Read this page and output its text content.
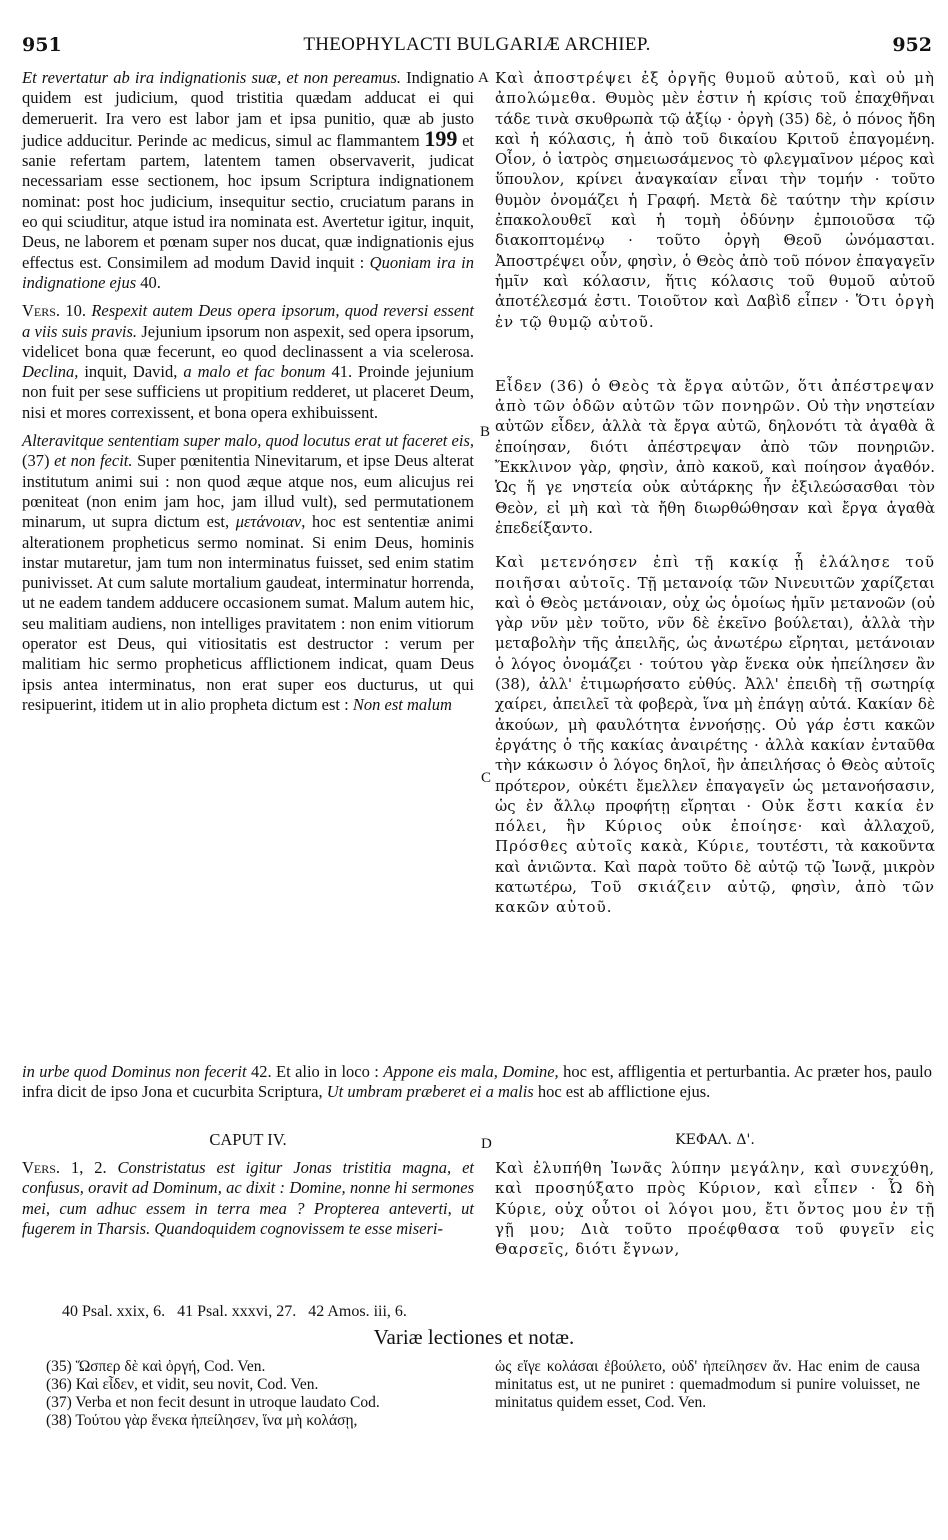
951	THEOPHYLACTI BULGARIÆ ARCHIEP.	952
A
B
C
D

Et revertatur ab ira indignationis suæ, et non pereamus. Indignatio quidem est judicium, quod tristitia quædam adducat ei qui demeruerit. Ira vero est labor jam et ipsa punitio, quæ ab justo judice adducitur. Perinde ac medicus, simul ac flammantem 199 et sanie refertam partem, latentem tamen observaverit, judicat necessariam esse sectionem, hoc ipsum Scriptura indignationem nominat: post hoc judicium, insequitur sectio, cruciatum parans in eo qui sciuditur, atque istud ira nominata est. Avertetur igitur, inquit, Deus, ne laborem et pœnam super nos ducat, quæ indignationis ejus effectus est. Consimilem ad modum David inquit : Quoniam ira in indignatione ejus 40.

Vers. 10. Respexit autem Deus opera ipsorum, quod reversi essent a viis suis pravis. Jejunium ipsorum non aspexit, sed opera ipsorum, videlicet bona quæ fecerunt, eo quod declinassent a via scelerosa. Declina, inquit, David, a malo et fac bonum 41. Proinde jejunium non fuit per sese sufficiens ut propitium redderet, ut placeret Deum, nisi et mores correxissent, et bona opera exhibuissent.

Alteravitque sententiam super malo, quod locutus erat ut faceret eis, (37) et non fecit. Super pœnitentia Ninevitarum, et ipse Deus alterat institutum animi sui : non quod æque atque nos, eum alicujus rei pœniteat (non enim jam hoc, jam illud vult), sed permutationem minarum, ut supra dictum est, μετάνοιαν, hoc est sententiæ animi alterationem propheticus sermo nominat. Si enim Deus, hominis instar mutaretur, jam tum non interminatus fuisset, sed enim statim punivisset. At cum salute mortalium gaudeat, interminatur horrenda, ut ne eadem tandem adducere occasionem sumat. Malum autem hic, seu malitiam audiens, non intelliges pravitatem : non enim vitiorum operator est Deus, qui vitiositatis est destructor : verum per malitiam hic sermo propheticus afflictionem indicat, quam Deus ipsis antea interminatus, non erat super eos ducturus, ut qui resipuerint, itidem ut in alio propheta dictum est : Non est malum

Καὶ ἀποστρέψει ἐξ ὀργῆς θυμοῦ αὐτοῦ, καὶ οὐ μὴ ἀπολώμεθα. Θυμὸς μὲν ἐστιν ἡ κρίσις τοῦ ἐπαχθῆναι τάδε τινὰ σκυθρωπὰ τῷ ἀξίῳ · ὀργὴ (35) δὲ, ὁ πόνος ἤδη καὶ ἡ κόλασις, ἡ ἀπὸ τοῦ δικαίου Κριτοῦ ἐπαγομένη. Οἷον, ὁ ἰατρὸς σημειωσάμενος τὸ φλεγμαῖνον μέρος καὶ ὕπουλον, κρίνει ἀναγκαίαν εἶναι τὴν τομήν · τοῦτο θυμὸν ὀνομάζει ἡ Γραφή. Μετὰ δὲ ταύτην τὴν κρίσιν ἐπακολουθεῖ καὶ ἡ τομὴ ὀδύνην ἐμποιοῦσα τῷ διακοπτομένῳ · τοῦτο ὀργὴ Θεοῦ ὠνόμασται. Ἀποστρέψει οὖν, φησὶν, ὁ Θεὸς ἀπὸ τοῦ πόνον ἐπαγαγεῖν ἡμῖν καὶ κόλασιν, ἥτις κόλασις τοῦ θυμοῦ αὐτοῦ ἀποτέλεσμά ἐστι. Τοιοῦτον καὶ Δαβὶδ εἶπεν · Ὅτι ὀργὴ ἐν τῷ θυμῷ αὐτοῦ.

Εἶδεν (36) ὁ Θεὸς τὰ ἔργα αὐτῶν, ὅτι ἀπέστρεψαν ἀπὸ τῶν ὁδῶν αὐτῶν τῶν πονηρῶν. Οὐ τὴν νηστείαν αὐτῶν εἶδεν, ἀλλὰ τὰ ἔργα αὐτῶ, δηλονότι τὰ ἀγαθὰ ἃ ἐποίησαν, διότι ἀπέστρεψαν ἀπὸ τῶν πονηριῶν. Ἔκκλινον γὰρ, φησὶν, ἀπὸ κακοῦ, καὶ ποίησον ἀγαθόν. Ὡς ἥ γε νηστεία οὐκ αὐτάρκης ἦν ἐξιλεώσασθαι τὸν Θεὸν, εἰ μὴ καὶ τὰ ἤθη διωρθώθησαν καὶ ἔργα ἀγαθὰ ἐπεδείξαντο.

Καὶ μετενόησεν ἐπὶ τῇ κακίᾳ ᾗ ἐλάλησε τοῦ ποιῆσαι αὐτοῖς. Τῇ μετανοίᾳ τῶν Νινευιτῶν χαρίζεται καὶ ὁ Θεὸς μετάνοιαν, οὐχ ὡς ὁμοίως ἡμῖν μετανοῶν (οὐ γὰρ νῦν μὲν τοῦτο, νῦν δὲ ἐκεῖνο βούλεται), ἀλλὰ τὴν μεταβολὴν τῆς ἀπειλῆς, ὡς ἀνωτέρω εἴρηται, μετάνοιαν ὁ λόγος ὀνομάζει · τούτου γὰρ ἕνεκα οὐκ ἠπείλησεν ἂν (38), ἀλλ' ἐτιμωρήσατο εὐθύς. Ἀλλ' ἐπειδὴ τῇ σωτηρίᾳ χαίρει, ἀπειλεῖ τὰ φοβερὰ, ἵνα μὴ ἐπάγῃ αὐτά. Κακίαν δὲ ἀκούων, μὴ φαυλότητα ἐννοήσῃς. Οὐ γάρ ἐστι κακῶν ἐργάτης ὁ τῆς κακίας ἀναιρέτης · ἀλλὰ κακίαν ἐνταῦθα τὴν κάκωσιν ὁ λόγος δηλοῖ, ἣν ἀπειλήσας ὁ Θεὸς αὐτοῖς πρότερον, οὐκέτι ἔμελλεν ἐπαγαγεῖν ὡς μετανοήσασιν, ὡς ἐν ἄλλῳ προφήτῃ εἴρηται · Οὐκ ἔστι κακία ἐν πόλει, ἣν Κύριος οὐκ ἐποίησε· καὶ ἀλλαχοῦ, Πρόσθες αὐτοῖς κακὰ, Κύριε, τουτέστι, τὰ κακοῦντα καὶ ἀνιῶντα. Καὶ παρὰ τοῦτο δὲ αὐτῷ τῷ Ἰωνᾷ, μικρὸν κατωτέρω, Τοῦ σκιάζειν αὐτῷ, φησὶν, ἀπὸ τῶν κακῶν αὐτοῦ.

in urbe quod Dominus non fecerit 42. Et alio in loco : Appone eis mala, Domine, hoc est, affligentia et perturbantia. Ac præter hos, paulo infra dicit de ipso Jona et cucurbita Scriptura, Ut umbram præberet ei a malis hoc est ab afflictione ejus.
CAPUT IV.	ΚΕΦΑΛ. Δ'.

Vers. 1, 2. Constristatus est igitur Jonas tristitia magna, et confusus, oravit ad Dominum, ac dixit : Domine, nonne hi sermones mei, cum adhuc essem in terra mea ? Propterea anteverti, ut fugerem in Tharsis. Quandoquidem cognovissem te esse miseri-

Καὶ ἐλυπήθη Ἰωνᾶς λύπην μεγάλην, καὶ συνεχύθη, καὶ προσηύξατο πρὸς Κύριον, καὶ εἶπεν · Ὦ δὴ Κύριε, οὐχ οὗτοι οἱ λόγοι μου, ἔτι ὄντος μου ἐν τῇ γῇ μου; Διὰ τοῦτο προέφθασα τοῦ φυγεῖν εἰς Θαρσεῖς, διότι ἔγνων,

40 Psal. xxix, 6.   41 Psal. xxxvi, 27.   42 Amos. iii, 6.
Variæ lectiones et notæ.
(35) Ὥσπερ δὲ καὶ ὀργή, Cod. Ven.
(36) Καὶ εἶδεν, et vidit, seu novit, Cod. Ven.
(37) Verba et non fecit desunt in utroque laudato Cod.
(38) Τούτου γὰρ ἕνεκα ἠπείλησεν, ἵνα μὴ κολάσῃ,
ὡς εἴγε κολάσαι ἐβούλετο, οὐδ' ἠπείλησεν ἄν. Hac enim de causa minitatus est, ut ne puniret : quemadmodum si punire voluisset, ne minitatus quidem esset, Cod. Ven.
